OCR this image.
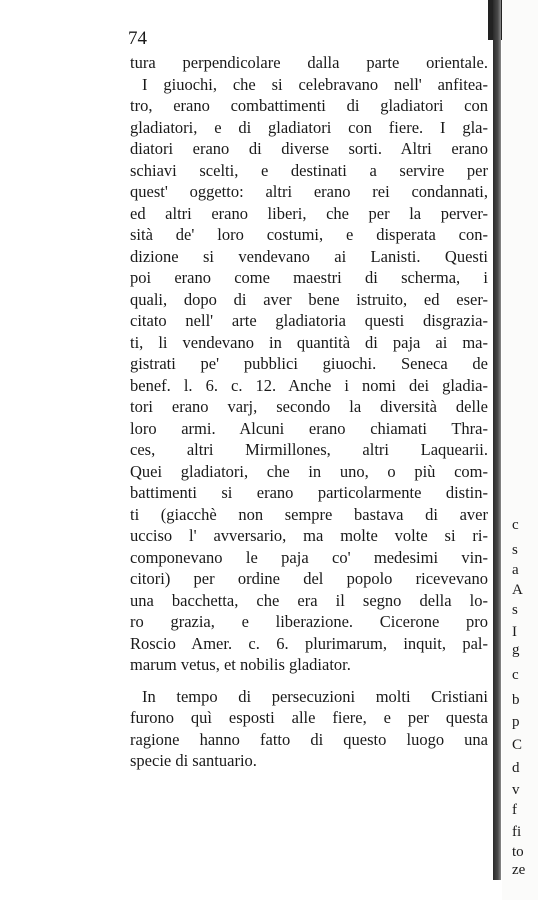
74
tura perpendicolare dalla parte orientale.
I giuochi, che si celebravano nell' anfitea-
tro, erano combattimenti di gladiatori con
gladiatori, e di gladiatori con fiere. I gla-
diatori erano di diverse sorti. Altri erano
schiavi scelti, e destinati a servire per
quest' oggetto: altri erano rei condannati,
ed altri erano liberi, che per la perver-
sità de' loro costumi, e disperata con-
dizione si vendevano ai Lanisti. Questi
poi erano come maestri di scherma, i
quali, dopo di aver bene istruito, ed eser-
citato nell' arte gladiatoria questi disgrazia-
ti, li vendevano in quantità di paja ai ma-
gistrati pe' pubblici giuochi. Seneca de
benef. l. 6. c. 12. Anche i nomi dei gladia-
tori erano varj, secondo la diversità delle
loro armi. Alcuni erano chiamati Thra-
ces, altri Mirmillones, altri Laquearii.
Quei gladiatori, che in uno, o più com-
battimenti si erano particolarmente distin-
ti (giacchè non sempre bastava di aver
ucciso l' avversario, ma molte volte si ri-
componevano le paja co' medesimi vin-
citori) per ordine del popolo ricevevano
una bacchetta, che era il segno della lo-
ro grazia, e liberazione. Cicerone pro
Roscio Amer. c. 6. plurimarum, inquit, pal-
marum vetus, et nobilis gladiator.
In tempo di persecuzioni molti Cristiani
furono quì esposti alle fiere, e per questa
ragione hanno fatto di questo luogo una
specie di santuario.
c
a
s
A
s
I
g
c
b
p
C
d
v
f
fi
to
ze
